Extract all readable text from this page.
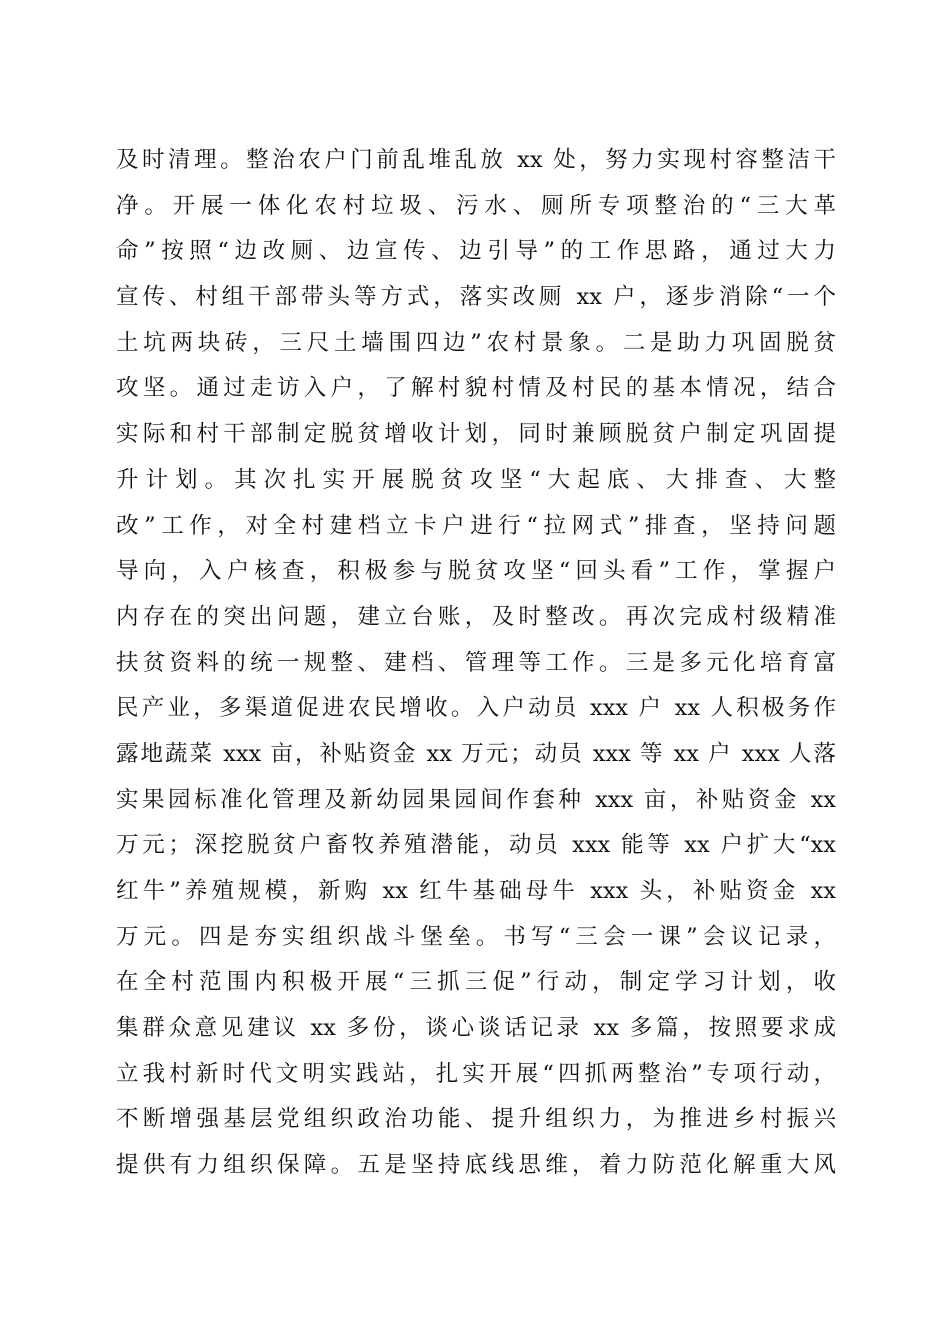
及时清理。整治农户门前乱堆乱放 xx 处，努力实现村容整洁干
净。开展一体化农村垃圾、污水、厕所专项整治的“三大革
命”按照“边改厕、边宣传、边引导”的工作思路，通过大力
宣传、村组干部带头等方式，落实改厕 xx 户，逐步消除“一个
土坑两块砖，三尺土墙围四边”农村景象。二是助力巩固脱贫
攻坚。通过走访入户，了解村貌村情及村民的基本情况，结合
实际和村干部制定脱贫增收计划，同时兼顾脱贫户制定巩固提
升计划。其次扎实开展脱贫攻坚“大起底、大排查、大整
改”工作，对全村建档立卡户进行“拉网式”排查，坚持问题
导向，入户核查，积极参与脱贫攻坚“回头看”工作，掌握户
内存在的突出问题，建立台账，及时整改。再次完成村级精准
扶贫资料的统一规整、建档、管理等工作。三是多元化培育富
民产业，多渠道促进农民增收。入户动员 xxx 户 xx 人积极务作
露地蔬菜 xxx 亩，补贴资金 xx 万元；动员 xxx 等 xx 户 xxx 人落
实果园标准化管理及新幼园果园间作套种 xxx 亩，补贴资金 xx
万元；深挖脱贫户畜牧养殖潜能，动员 xxx 能等 xx 户扩大“xx
红牛”养殖规模，新购 xx 红牛基础母牛 xxx 头，补贴资金 xx
万元。四是夯实组织战斗堡垒。书写“三会一课”会议记录，
在全村范围内积极开展“三抓三促”行动，制定学习计划，收
集群众意见建议 xx 多份，谈心谈话记录 xx 多篇，按照要求成
立我村新时代文明实践站，扎实开展“四抓两整治”专项行动，
不断增强基层党组织政治功能、提升组织力，为推进乡村振兴
提供有力组织保障。五是坚持底线思维，着力防范化解重大风
